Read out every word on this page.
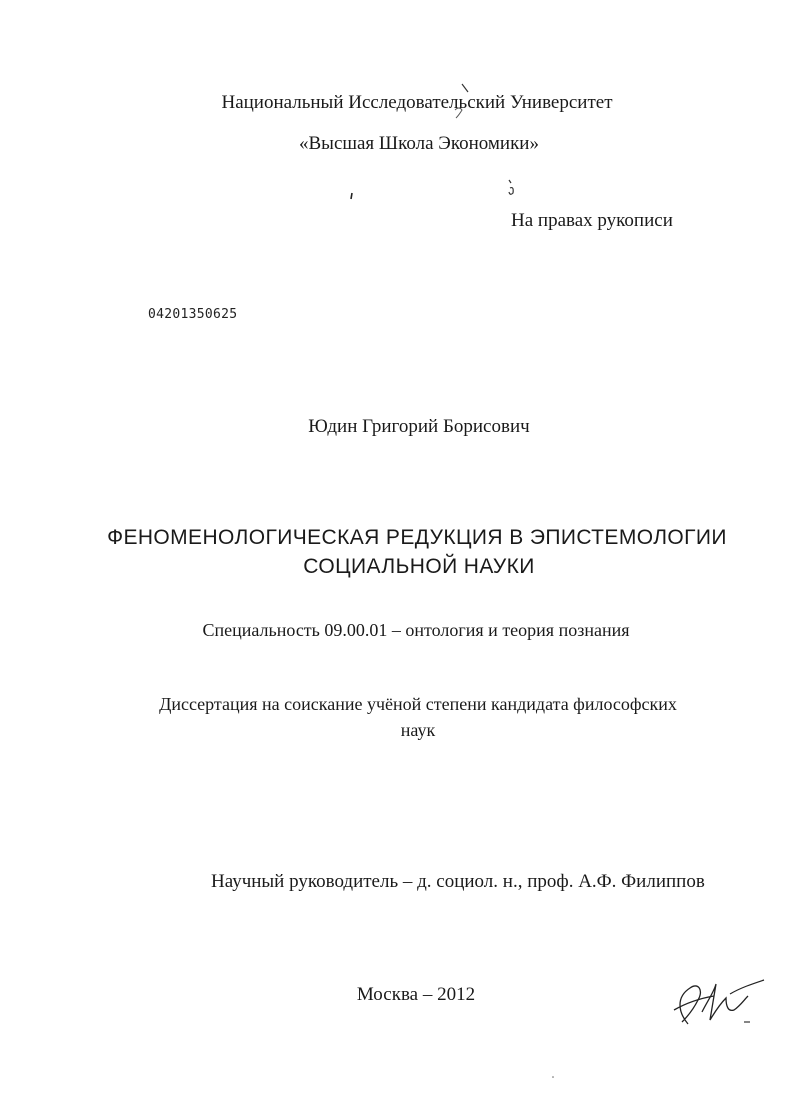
Национальный Исследовательский Университет
«Высшая Школа Экономики»
На правах рукописи
04201350625
Юдин Григорий Борисович
ФЕНОМЕНОЛОГИЧЕСКАЯ РЕДУКЦИЯ В ЭПИСТЕМОЛОГИИ
СОЦИАЛЬНОЙ НАУКИ
Специальность 09.00.01 – онтология и теория познания
Диссертация на соискание учёной степени кандидата философских
наук
Научный руководитель – д. социол. н., проф. А.Ф. Филиппов
Москва – 2012
